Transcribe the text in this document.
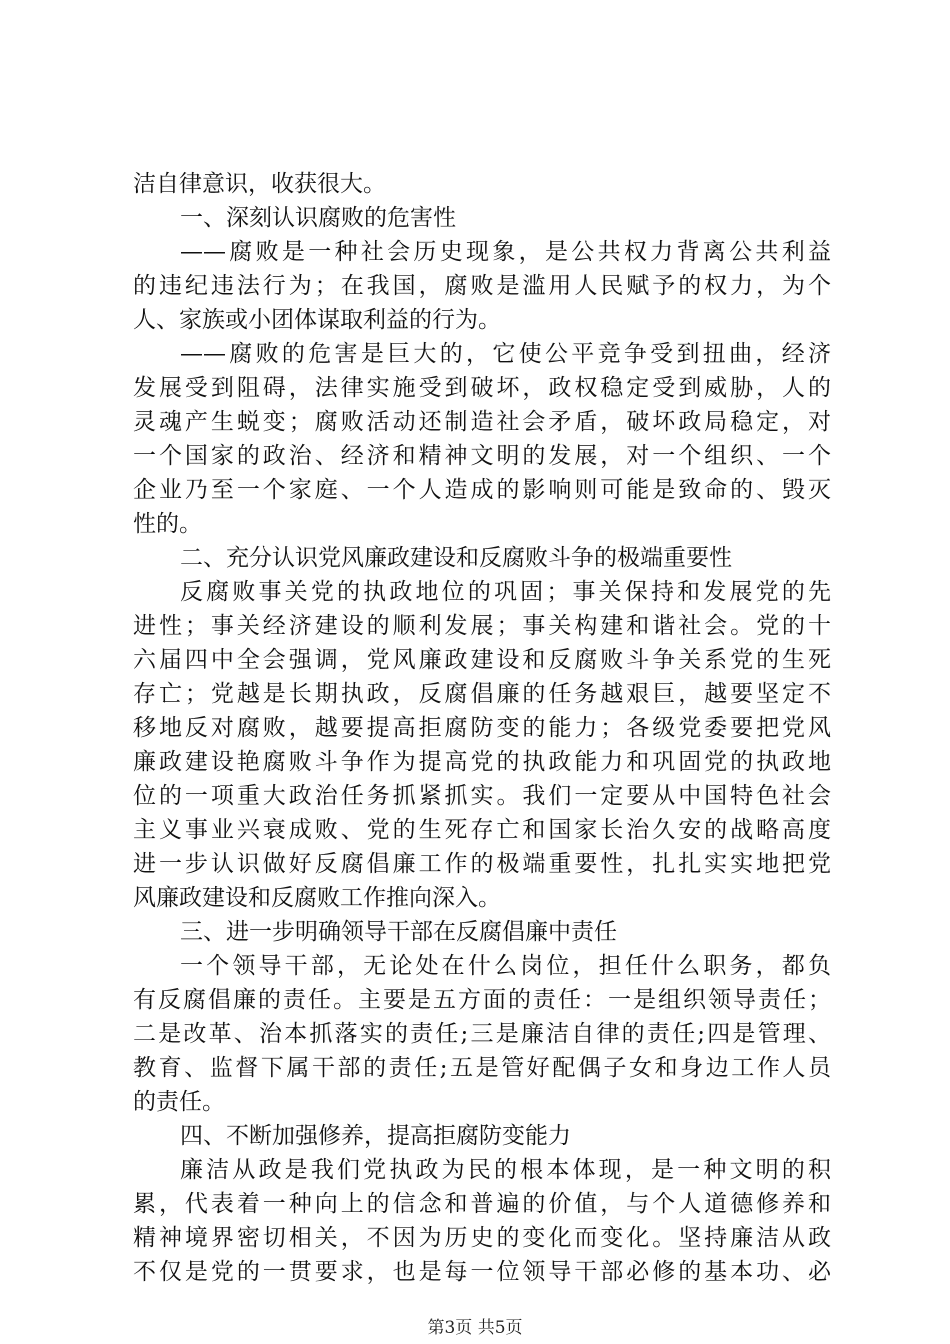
洁自律意识，收获很大。
一、深刻认识腐败的危害性
——腐败是一种社会历史现象，是公共权力背离公共利益
的违纪违法行为；在我国，腐败是滥用人民赋予的权力，为个
人、家族或小团体谋取利益的行为。
——腐败的危害是巨大的，它使公平竞争受到扭曲，经济
发展受到阻碍，法律实施受到破坏，政权稳定受到威胁，人的
灵魂产生蜕变；腐败活动还制造社会矛盾，破坏政局稳定，对
一个国家的政治、经济和精神文明的发展，对一个组织、一个
企业乃至一个家庭、一个人造成的影响则可能是致命的、毁灭
性的。
二、充分认识党风廉政建设和反腐败斗争的极端重要性
反腐败事关党的执政地位的巩固；事关保持和发展党的先
进性；事关经济建设的顺利发展；事关构建和谐社会。党的十
六届四中全会强调，党风廉政建设和反腐败斗争关系党的生死
存亡；党越是长期执政，反腐倡廉的任务越艰巨，越要坚定不
移地反对腐败，越要提高拒腐防变的能力；各级党委要把党风
廉政建设艳腐败斗争作为提高党的执政能力和巩固党的执政地
位的一项重大政治任务抓紧抓实。我们一定要从中国特色社会
主义事业兴衰成败、党的生死存亡和国家长治久安的战略高度
进一步认识做好反腐倡廉工作的极端重要性，扎扎实实地把党
风廉政建设和反腐败工作推向深入。
三、进一步明确领导干部在反腐倡廉中责任
一个领导干部，无论处在什么岗位，担任什么职务，都负
有反腐倡廉的责任。主要是五方面的责任：一是组织领导责任；
二是改革、治本抓落实的责任;三是廉洁自律的责任;四是管理、
教育、监督下属干部的责任;五是管好配偶子女和身边工作人员
的责任。
四、不断加强修养，提高拒腐防变能力
廉洁从政是我们党执政为民的根本体现，是一种文明的积
累，代表着一种向上的信念和普遍的价值，与个人道德修养和
精神境界密切相关，不因为历史的变化而变化。坚持廉洁从政
不仅是党的一贯要求，也是每一位领导干部必修的基本功、必
第3页 共5页
